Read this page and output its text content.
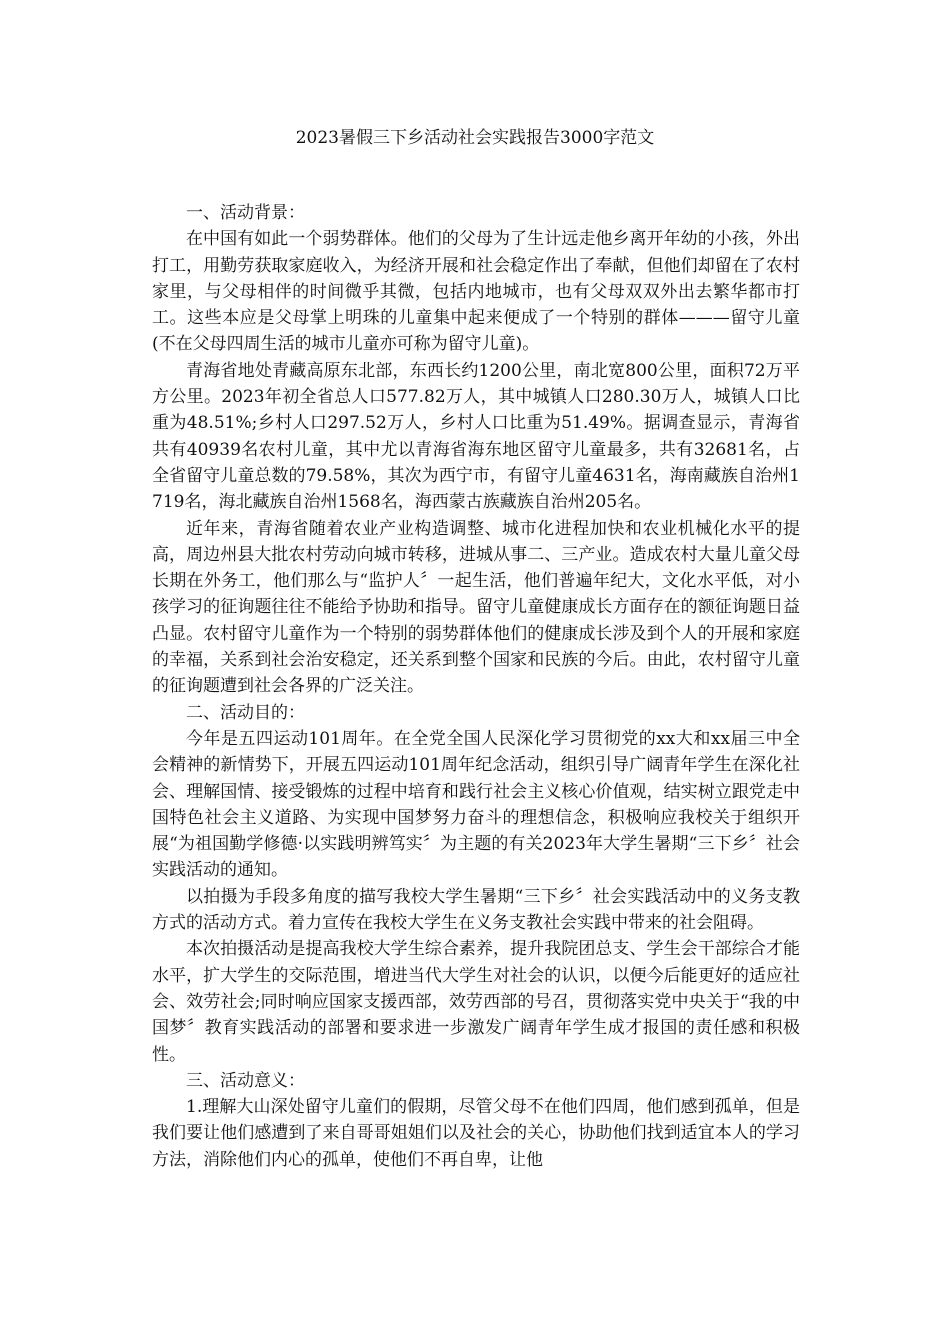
2023暑假三下乡活动社会实践报告3000字范文

一、活动背景：

在中国有如此一个弱势群体。他们的父母为了生计远走他乡离开年幼的小孩，外出打工，用勤劳获取家庭收入，为经济开展和社会稳定作出了奉献，但他们却留在了农村家里，与父母相伴的时间微乎其微，包括内地城市，也有父母双双外出去繁华都市打工。这些本应是父母掌上明珠的儿童集中起来便成了一个特别的群体———留守儿童(不在父母四周生活的城市儿童亦可称为留守儿童)。

青海省地处青藏高原东北部，东西长约1200公里，南北宽800公里，面积72万平方公里。2023年初全省总人口577.82万人，其中城镇人口280.30万人，城镇人口比重为48.51%;乡村人口297.52万人，乡村人口比重为51.49%。据调查显示，青海省共有40939名农村儿童，其中尤以青海省海东地区留守儿童最多，共有32681名，占全省留守儿童总数的79.58%，其次为西宁市，有留守儿童4631名，海南藏族自治州1719名，海北藏族自治州1568名，海西蒙古族藏族自治州205名。

近年来，青海省随着农业产业构造调整、城市化进程加快和农业机械化水平的提高，周边州县大批农村劳动向城市转移，进城从事二、三产业。造成农村大量儿童父母长期在外务工，他们那么与“监护人〞一起生活，他们普遍年纪大，文化水平低，对小孩学习的征询题往往不能给予协助和指导。留守儿童健康成长方面存在的额征询题日益凸显。农村留守儿童作为一个特别的弱势群体他们的健康成长涉及到个人的开展和家庭的幸福，关系到社会治安稳定，还关系到整个国家和民族的今后。由此，农村留守儿童的征询题遭到社会各界的广泛关注。

二、活动目的：

今年是五四运动101周年。在全党全国人民深化学习贯彻党的xx大和xx届三中全会精神的新情势下，开展五四运动101周年纪念活动，组织引导广阔青年学生在深化社会、理解国情、接受锻炼的过程中培育和践行社会主义核心价值观，结实树立跟党走中国特色社会主义道路、为实现中国梦努力奋斗的理想信念，积极响应我校关于组织开展“为祖国勤学修德·以实践明辨笃实〞为主题的有关2023年大学生暑期“三下乡〞社会实践活动的通知。

以拍摄为手段多角度的描写我校大学生暑期“三下乡〞社会实践活动中的义务支教方式的活动方式。着力宣传在我校大学生在义务支教社会实践中带来的社会阻碍。

本次拍摄活动是提高我校大学生综合素养，提升我院团总支、学生会干部综合才能水平，扩大学生的交际范围，增进当代大学生对社会的认识，以便今后能更好的适应社会、效劳社会;同时响应国家支援西部，效劳西部的号召，贯彻落实党中央关于“我的中国梦〞教育实践活动的部署和要求进一步激发广阔青年学生成才报国的责任感和积极性。

三、活动意义：

1.理解大山深处留守儿童们的假期，尽管父母不在他们四周，他们感到孤单，但是我们要让他们感遭到了来自哥哥姐姐们以及社会的关心，协助他们找到适宜本人的学习方法，消除他们内心的孤单，使他们不再自卑，让他
